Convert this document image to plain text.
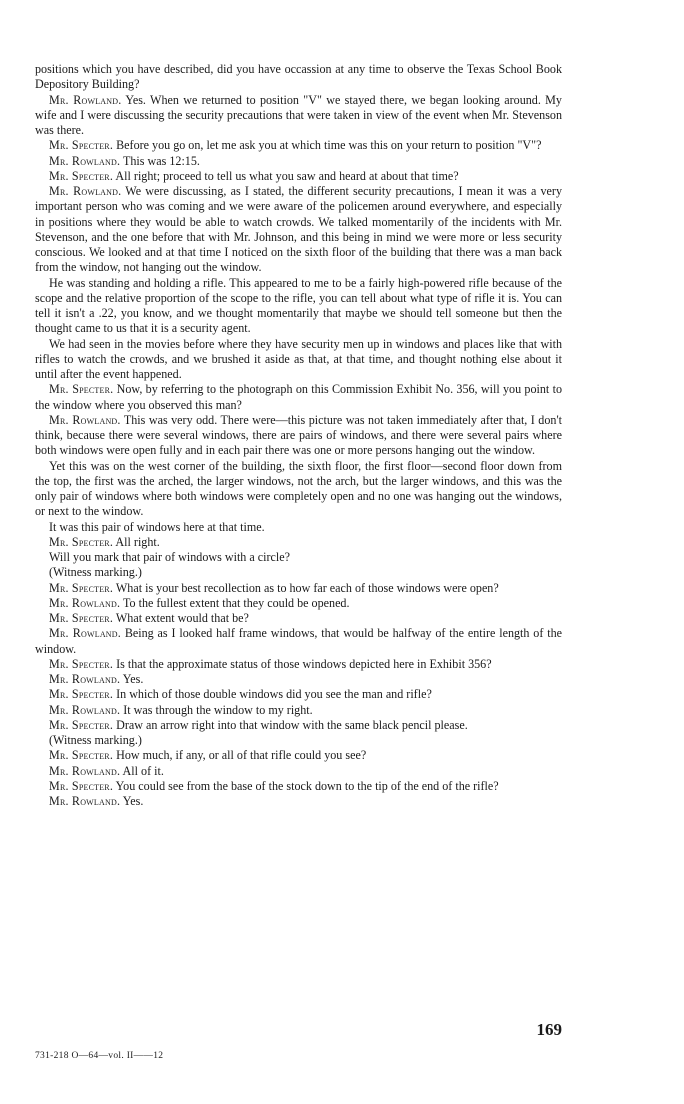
positions which you have described, did you have occassion at any time to observe the Texas School Book Depository Building?

Mr. Rowland. Yes. When we returned to position "V" we stayed there, we began looking around. My wife and I were discussing the security precautions that were taken in view of the event when Mr. Stevenson was there.

Mr. Specter. Before you go on, let me ask you at which time was this on your return to position "V"?

Mr. Rowland. This was 12:15.

Mr. Specter. All right; proceed to tell us what you saw and heard at about that time?

Mr. Rowland. We were discussing, as I stated, the different security precautions, I mean it was a very important person who was coming and we were aware of the policemen around everywhere, and especially in positions where they would be able to watch crowds. We talked momentarily of the incidents with Mr. Stevenson, and the one before that with Mr. Johnson, and this being in mind we were more or less security conscious. We looked and at that time I noticed on the sixth floor of the building that there was a man back from the window, not hanging out the window.

He was standing and holding a rifle. This appeared to me to be a fairly high-powered rifle because of the scope and the relative proportion of the scope to the rifle, you can tell about what type of rifle it is. You can tell it isn't a .22, you know, and we thought momentarily that maybe we should tell someone but then the thought came to us that it is a security agent.

We had seen in the movies before where they have security men up in windows and places like that with rifles to watch the crowds, and we brushed it aside as that, at that time, and thought nothing else about it until after the event happened.

Mr. Specter. Now, by referring to the photograph on this Commission Exhibit No. 356, will you point to the window where you observed this man?

Mr. Rowland. This was very odd. There were—this picture was not taken immediately after that, I don't think, because there were several windows, there are pairs of windows, and there were several pairs where both windows were open fully and in each pair there was one or more persons hanging out the window.

Yet this was on the west corner of the building, the sixth floor, the first floor—second floor down from the top, the first was the arched, the larger windows, not the arch, but the larger windows, and this was the only pair of windows where both windows were completely open and no one was hanging out the windows, or next to the window.

It was this pair of windows here at that time.

Mr. Specter. All right.

Will you mark that pair of windows with a circle?

(Witness marking.)

Mr. Specter. What is your best recollection as to how far each of those windows were open?

Mr. Rowland. To the fullest extent that they could be opened.

Mr. Specter. What extent would that be?

Mr. Rowland. Being as I looked half frame windows, that would be halfway of the entire length of the window.

Mr. Specter. Is that the approximate status of those windows depicted here in Exhibit 356?

Mr. Rowland. Yes.

Mr. Specter. In which of those double windows did you see the man and rifle?

Mr. Rowland. It was through the window to my right.

Mr. Specter. Draw an arrow right into that window with the same black pencil please.

(Witness marking.)

Mr. Specter. How much, if any, or all of that rifle could you see?

Mr. Rowland. All of it.

Mr. Specter. You could see from the base of the stock down to the tip of the end of the rifle?

Mr. Rowland. Yes.

169
731-218 O—64—vol. II——12
